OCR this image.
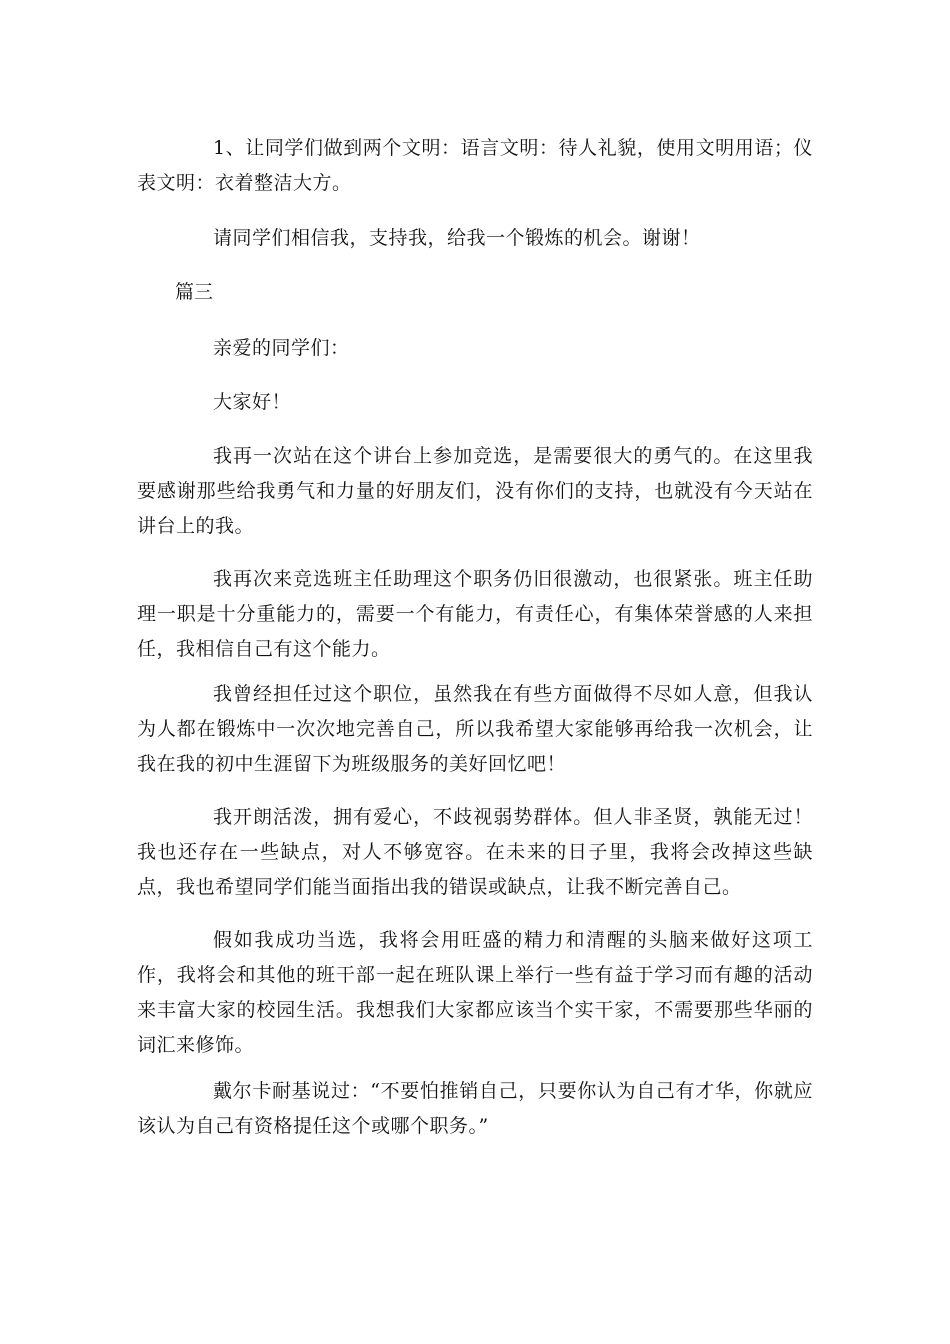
1、让同学们做到两个文明：语言文明：待人礼貌，使用文明用语；仪表文明：衣着整洁大方。

请同学们相信我，支持我，给我一个锻炼的机会。谢谢！

篇三

亲爱的同学们：

大家好！

我再一次站在这个讲台上参加竞选，是需要很大的勇气的。在这里我要感谢那些给我勇气和力量的好朋友们，没有你们的支持，也就没有今天站在讲台上的我。

我再次来竞选班主任助理这个职务仍旧很激动，也很紧张。班主任助理一职是十分重能力的，需要一个有能力，有责任心，有集体荣誉感的人来担任，我相信自己有这个能力。

我曾经担任过这个职位，虽然我在有些方面做得不尽如人意，但我认为人都在锻炼中一次次地完善自己，所以我希望大家能够再给我一次机会，让我在我的初中生涯留下为班级服务的美好回忆吧！

我开朗活泼，拥有爱心，不歧视弱势群体。但人非圣贤，孰能无过！我也还存在一些缺点，对人不够宽容。在未来的日子里，我将会改掉这些缺点，我也希望同学们能当面指出我的错误或缺点，让我不断完善自己。

假如我成功当选，我将会用旺盛的精力和清醒的头脑来做好这项工作，我将会和其他的班干部一起在班队课上举行一些有益于学习而有趣的活动来丰富大家的校园生活。我想我们大家都应该当个实干家，不需要那些华丽的词汇来修饰。

戴尔卡耐基说过：“不要怕推销自己，只要你认为自己有才华，你就应该认为自己有资格提任这个或哪个职务。”
